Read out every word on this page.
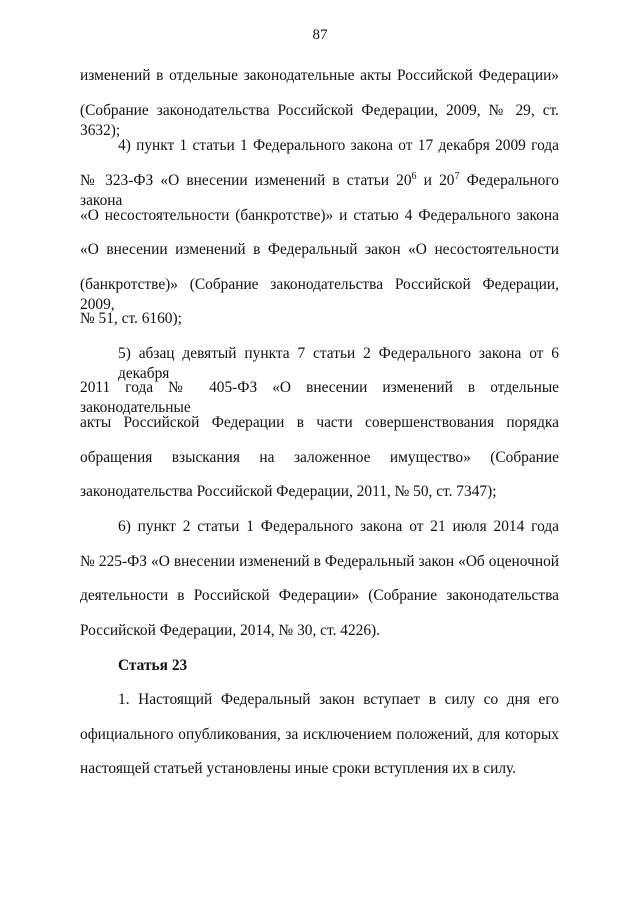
87
изменений в отдельные законодательные акты Российской Федерации»
(Собрание законодательства Российской Федерации, 2009, № 29, ст. 3632);
4) пункт 1 статьи 1 Федерального закона от 17 декабря 2009 года
№ 323-ФЗ «О внесении изменений в статьи $20^6$ и $20^7$ Федерального закона
«О несостоятельности (банкротстве)» и статью 4 Федерального закона
«О внесении изменений в Федеральный закон «О несостоятельности
(банкротстве)» (Собрание законодательства Российской Федерации, 2009,
№ 51, ст. 6160);
5) абзац девятый пункта 7 статьи 2 Федерального закона от 6 декабря
2011 года № 405-ФЗ «О внесении изменений в отдельные законодательные
акты Российской Федерации в части совершенствования порядка
обращения взыскания на заложенное имущество» (Собрание
законодательства Российской Федерации, 2011, № 50, ст. 7347);
6) пункт 2 статьи 1 Федерального закона от 21 июля 2014 года
№ 225-ФЗ «О внесении изменений в Федеральный закон «Об оценочной
деятельности в Российской Федерации» (Собрание законодательства
Российской Федерации, 2014, № 30, ст. 4226).
Статья 23
1. Настоящий Федеральный закон вступает в силу со дня его
официального опубликования, за исключением положений, для которых
настоящей статьей установлены иные сроки вступления их в силу.
